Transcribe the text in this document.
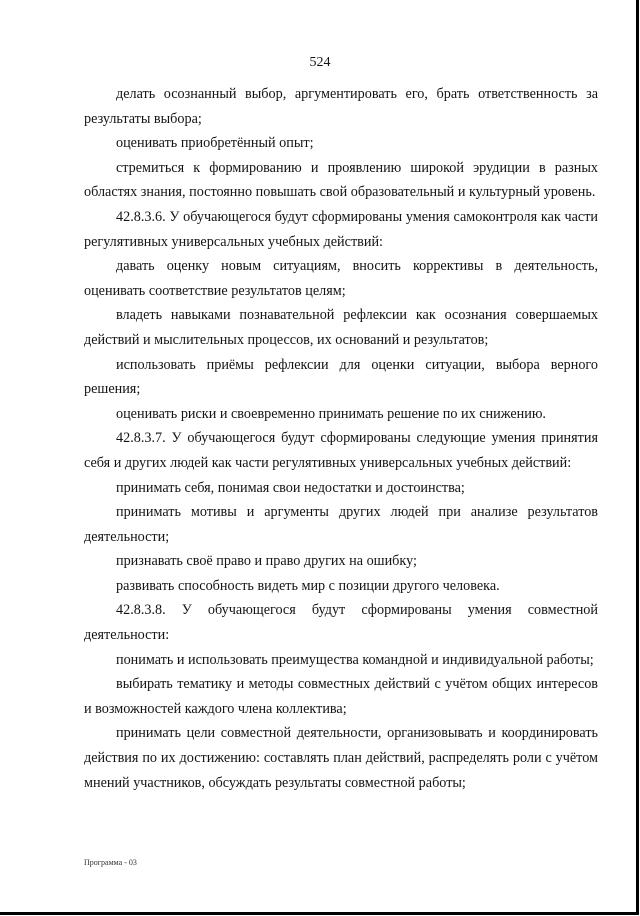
524

делать осознанный выбор, аргументировать его, брать ответственность за результаты выбора;

оценивать приобретённый опыт;

стремиться к формированию и проявлению широкой эрудиции в разных областях знания, постоянно повышать свой образовательный и культурный уровень.

42.8.3.6. У обучающегося будут сформированы умения самоконтроля как части регулятивных универсальных учебных действий:

давать оценку новым ситуациям, вносить коррективы в деятельность, оценивать соответствие результатов целям;

владеть навыками познавательной рефлексии как осознания совершаемых действий и мыслительных процессов, их оснований и результатов;

использовать приёмы рефлексии для оценки ситуации, выбора верного решения;

оценивать риски и своевременно принимать решение по их снижению.

42.8.3.7. У обучающегося будут сформированы следующие умения принятия себя и других людей как части регулятивных универсальных учебных действий:

принимать себя, понимая свои недостатки и достоинства;

принимать мотивы и аргументы других людей при анализе результатов деятельности;

признавать своё право и право других на ошибку;

развивать способность видеть мир с позиции другого человека.

42.8.3.8. У обучающегося будут сформированы умения совместной деятельности:

понимать и использовать преимущества командной и индивидуальной работы;

выбирать тематику и методы совместных действий с учётом общих интересов и возможностей каждого члена коллектива;

принимать цели совместной деятельности, организовывать и координировать действия по их достижению: составлять план действий, распределять роли с учётом мнений участников, обсуждать результаты совместной работы;

Программа - 03
